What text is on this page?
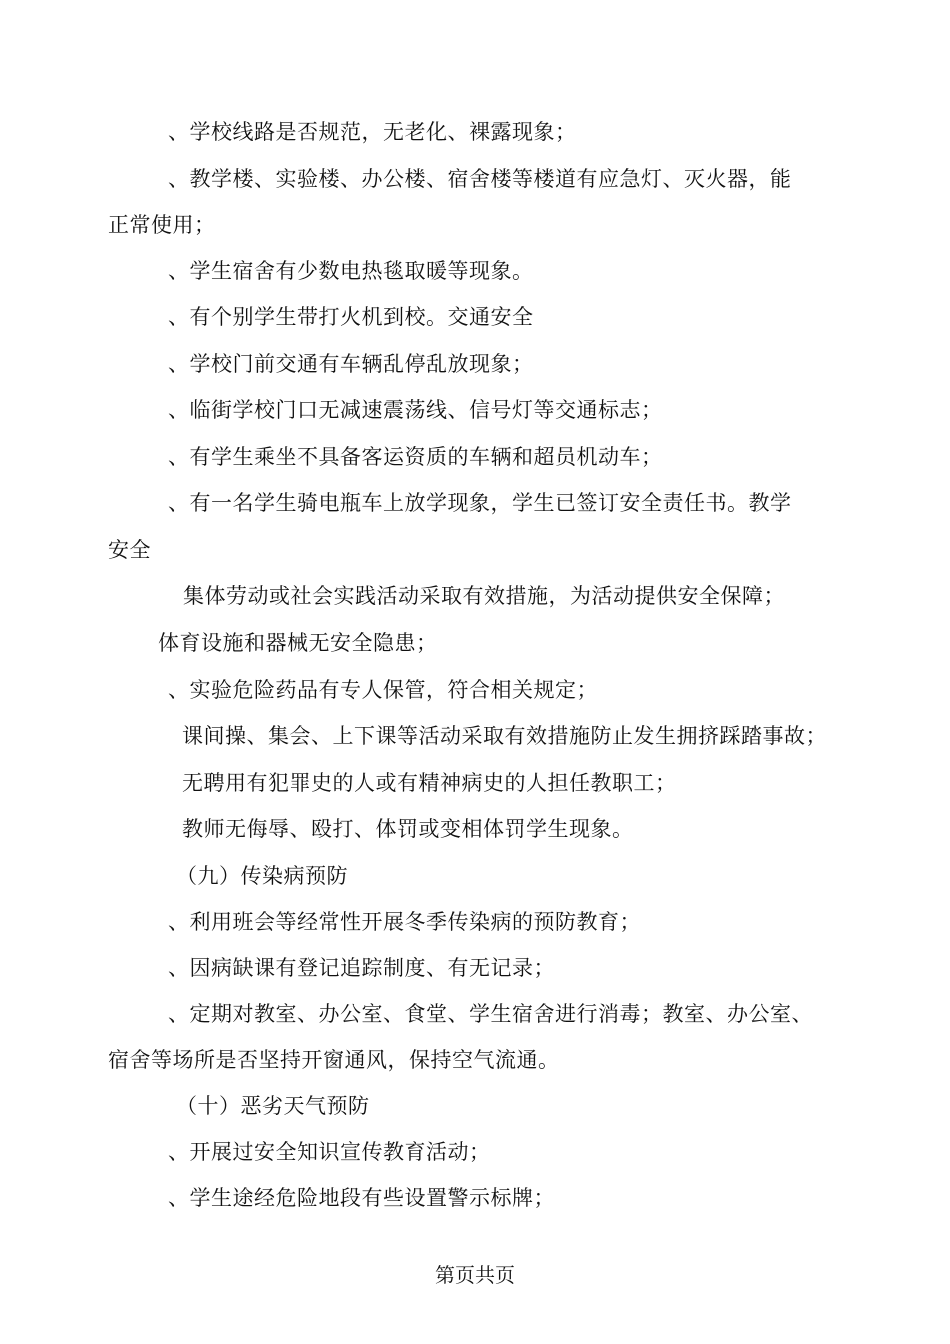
、学校线路是否规范，无老化、裸露现象；
、教学楼、实验楼、办公楼、宿舍楼等楼道有应急灯、灭火器，能
正常使用；
、学生宿舍有少数电热毯取暖等现象。
、有个别学生带打火机到校。交通安全
、学校门前交通有车辆乱停乱放现象；
、临街学校门口无减速震荡线、信号灯等交通标志；
、有学生乘坐不具备客运资质的车辆和超员机动车；
、有一名学生骑电瓶车上放学现象，学生已签订安全责任书。教学
安全
集体劳动或社会实践活动采取有效措施，为活动提供安全保障；
体育设施和器械无安全隐患；
、实验危险药品有专人保管，符合相关规定；
课间操、集会、上下课等活动采取有效措施防止发生拥挤踩踏事故；
无聘用有犯罪史的人或有精神病史的人担任教职工；
教师无侮辱、殴打、体罚或变相体罚学生现象。
（九）传染病预防
、利用班会等经常性开展冬季传染病的预防教育；
、因病缺课有登记追踪制度、有无记录；
、定期对教室、办公室、食堂、学生宿舍进行消毒；教室、办公室、
宿舍等场所是否坚持开窗通风，保持空气流通。
（十）恶劣天气预防
、开展过安全知识宣传教育活动；
、学生途经危险地段有些设置警示标牌；
第页共页
